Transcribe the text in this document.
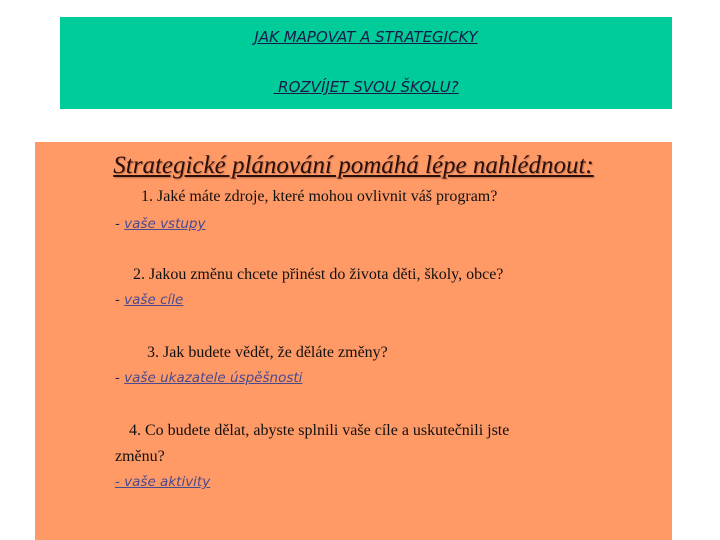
JAK MAPOVAT A STRATEGICKY
ROZVÍJET SVOU ŠKOLU?
Strategické plánování pomáhá lépe nahlédnout:
1. Jaké máte zdroje, které mohou ovlivnit váš program?
- vaše vstupy
2. Jakou změnu chcete přinést do života děti, školy, obce?
- vaše cíle
3. Jak budete vědět, že děláte změny?
- vaše ukazatele úspěšnosti
4. Co budete dělat, abyste splnili vaše cíle a uskutečnili jste
změnu?
- vaše aktivity
